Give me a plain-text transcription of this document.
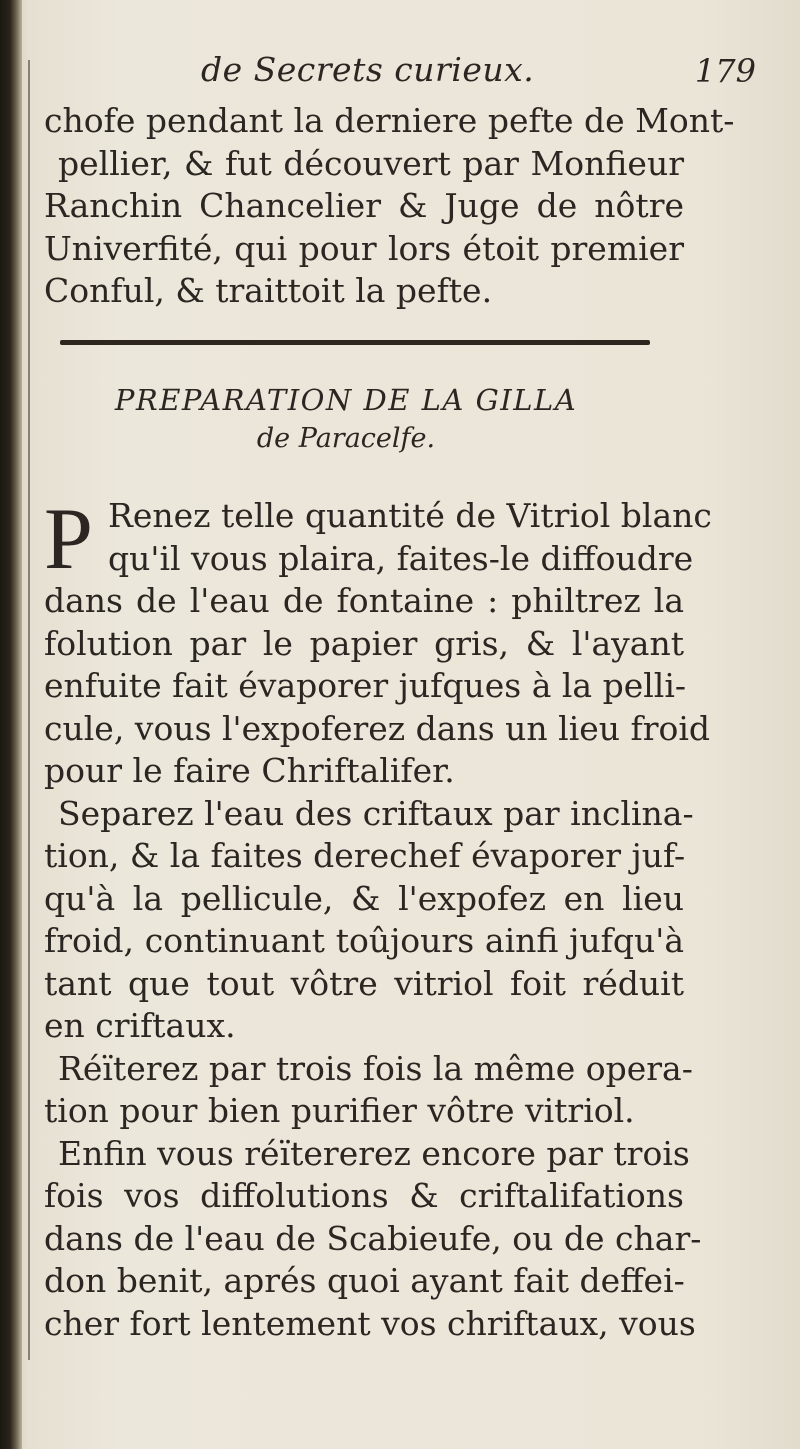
de Secrets curieux.	179
chofe pendant la derniere pefte de Mont-
pellier, & fut découvert par Monfieur
Ranchin Chancelier & Juge de nôtre
Univerfité, qui pour lors étoit premier
Conful, & traittoit la pefte.
PREPARATION DE LA GILLA
de Paracelfe.
P Renez telle quantité de Vitriol blanc
qu'il vous plaira, faites-le diffoudre
dans de l'eau de fontaine : philtrez la
folution par le papier gris, & l'ayant
enfuite fait évaporer jufques à la pelli-
cule, vous l'expoferez dans un lieu froid
pour le faire Chriftalifer.
Separez l'eau des criftaux par inclina-
tion, & la faites derechef évaporer juf-
qu'à la pellicule, & l'expofez en lieu
froid, continuant toûjours ainfi jufqu'à
tant que tout vôtre vitriol foit réduit
en criftaux.
Réïterez par trois fois la même opera-
tion pour bien purifier vôtre vitriol.
Enfin vous réïtererez encore par trois
fois vos diffolutions & criftalifations
dans de l'eau de Scabieufe, ou de char-
don benit, aprés quoi ayant fait deffei-
cher fort lentement vos chriftaux, vous
